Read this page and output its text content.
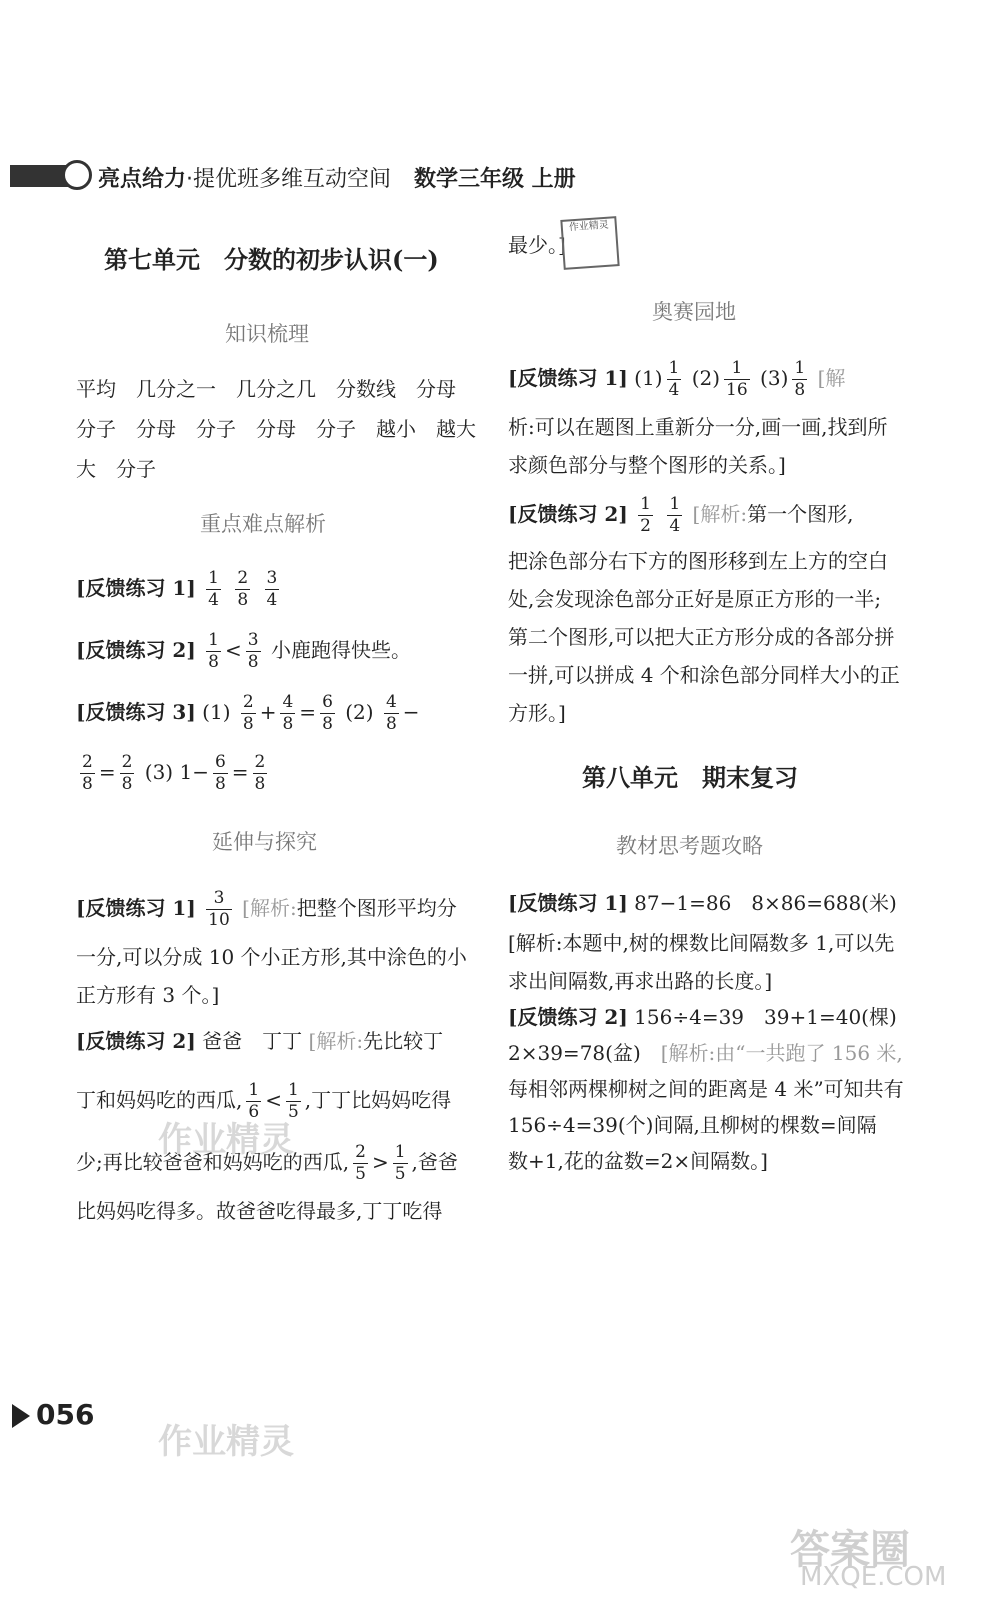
亮点给力·提优班多维互动空间 数学三年级 上册
第七单元　分数的初步认识(一)
知识梳理
平均　几分之一　几分之几　分数线　分母
分子　分母　分子　分母　分子　越小　越大
大　分子
重点难点解析
[反馈练习 $1] \frac{1}{4}$
$\frac{2}{8}$
$\frac{3}{4}$
[反馈练习 $2] \frac{1}{8} < \frac{3}{8}$ 小鹿跑得快些。
[反馈练习 3] $(1) \frac{2}{8} + \frac{4}{8} = \frac{6}{8} (2) \frac{4}{8}$ −
$\frac{2}{8} = \frac{2}{8} (3)$ $1- \frac{6}{8} = \frac{2}{8}$
延伸与探究
[反馈练习 $1] \frac{3}{10}$ [解析:把整个图形平均分
一分,可以分成 10 个小正方形,其中涂色的小
正方形有 3 个。]
[反馈练习 2] 爸爸　丁丁 [解析:先比较丁
丁和妈妈吃的西瓜, $\frac{1}{6} < \frac{1}{5}$ ,丁丁比妈妈吃得
少;再比较爸爸和妈妈吃的西瓜, $\frac{2}{5} > \frac{1}{5}$ ,爸爸
比妈妈吃得多。故爸爸吃得最多,丁丁吃得
作业精灵
最少。]
作业精灵
奥赛园地
[反馈练习 1] $(1) \frac{1}{4} (2) \frac{1}{16} (3) \frac{1}{8}$ [解
析:可以在题图上重新分一分,画一画,找到所
求颜色部分与整个图形的关系。]
[反馈练习 $2] \frac{1}{2}$
$\frac{1}{4}$ [解析:第一个图形,
把涂色部分右下方的图形移到左上方的空白
处,会发现涂色部分正好是原正方形的一半;
第二个图形,可以把大正方形分成的各部分拼
一拼,可以拼成 4 个和涂色部分同样大小的正
方形。]
第八单元　期末复习
教材思考题攻略
[反馈练习 1] 87−1=86　8×86=688(米)
[解析:本题中,树的棵数比间隔数多 1,可以先
求出间隔数,再求出路的长度。]
[反馈练习 2] 156÷4=39　39+1=40(棵)
2×39=78(盆)　 [解析:由“一共跑了 156 米,
每相邻两棵柳树之间的距离是 4 米”可知共有
156÷4=39(个)间隔,且柳树的棵数=间隔
数+1,花的盆数=2×间隔数。]
056
作业精灵
答案圈
MXQE.COM
